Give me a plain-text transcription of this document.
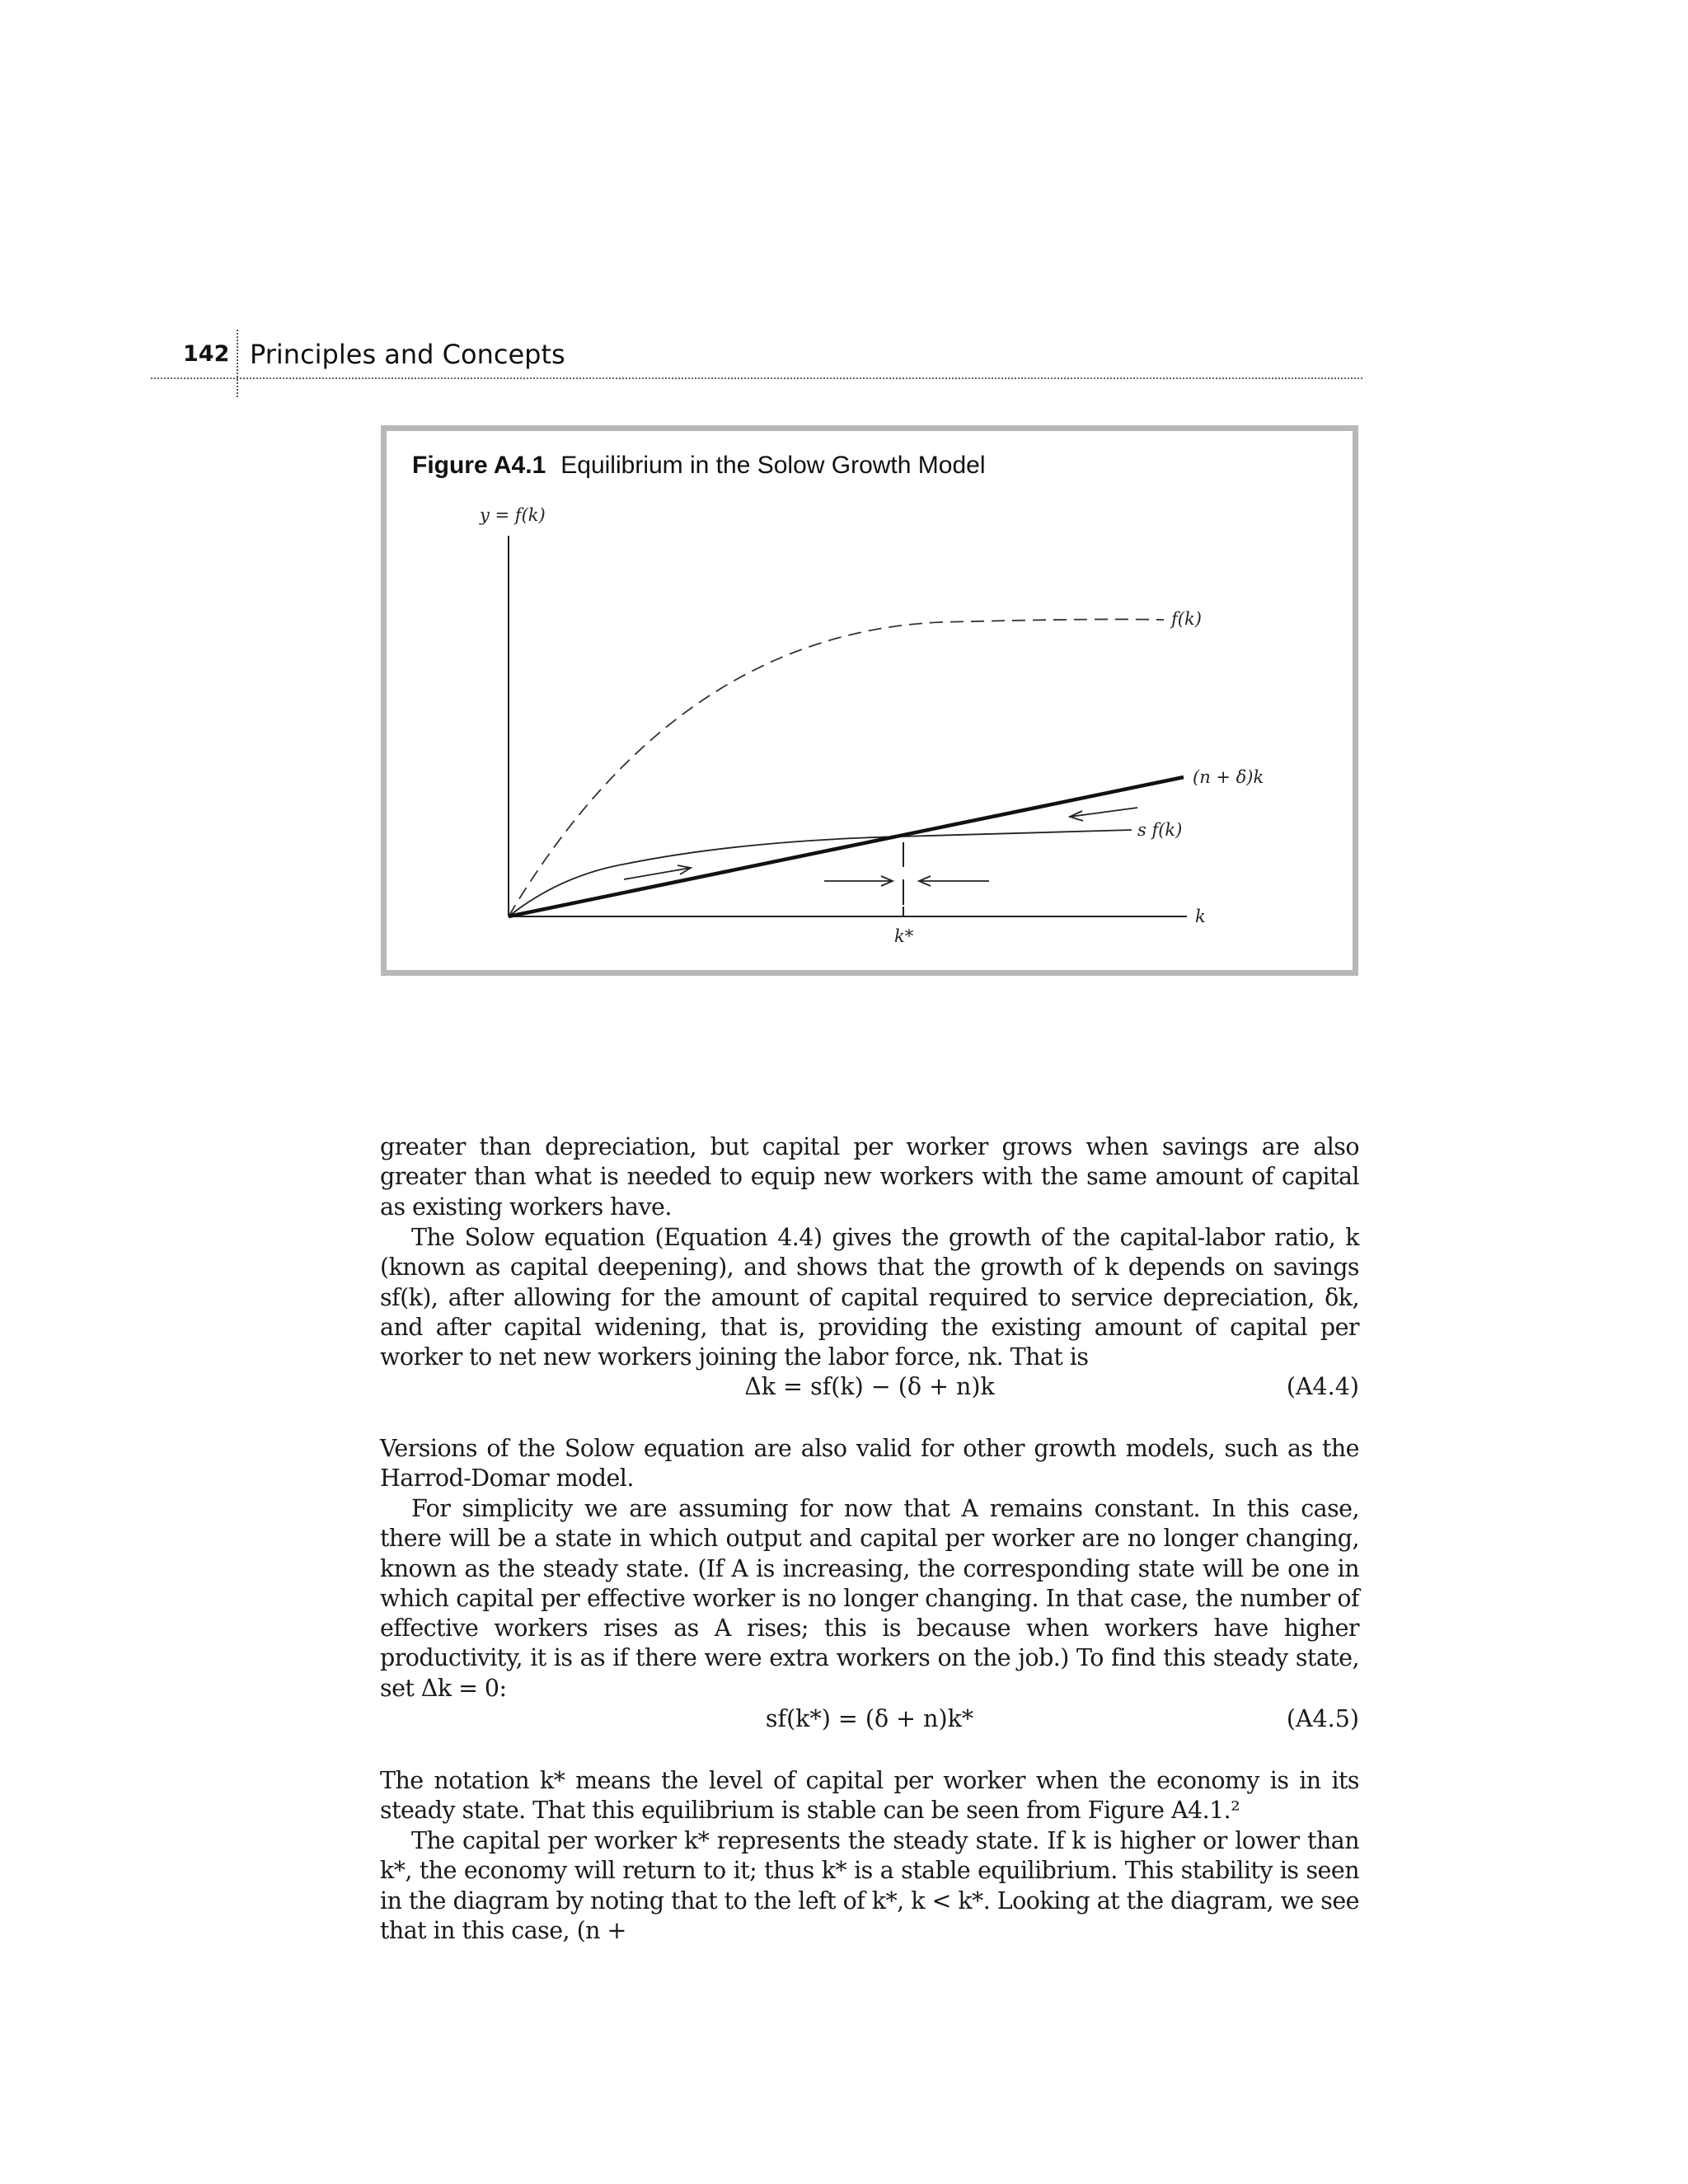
142 Principles and Concepts
Figure A4.1 Equilibrium in the Solow Growth Model
y = f(k)
f(k)
(n + δ)k
s f(k)
k
k*
greater than depreciation, but capital per worker grows when savings are also greater than what is needed to equip new workers with the same amount of capital as existing workers have.
The Solow equation (Equation 4.4) gives the growth of the capital-labor ratio, k (known as capital deepening), and shows that the growth of k depends on savings sf(k), after allowing for the amount of capital required to service depreciation, δk, and after capital widening, that is, providing the existing amount of capital per worker to net new workers joining the labor force, nk. That is
Δk = sf(k) − (δ + n)k	(A4.4)
Versions of the Solow equation are also valid for other growth models, such as the Harrod-Domar model.
For simplicity we are assuming for now that A remains constant. In this case, there will be a state in which output and capital per worker are no longer changing, known as the steady state. (If A is increasing, the corresponding state will be one in which capital per effective worker is no longer changing. In that case, the number of effective workers rises as A rises; this is because when workers have higher productivity, it is as if there were extra workers on the job.) To find this steady state, set Δk = 0:
sf(k*) = (δ + n)k*	(A4.5)
The notation k* means the level of capital per worker when the economy is in its steady state. That this equilibrium is stable can be seen from Figure A4.1.²
The capital per worker k* represents the steady state. If k is higher or lower than k*, the economy will return to it; thus k* is a stable equilibrium. This stability is seen in the diagram by noting that to the left of k*, k < k*. Looking at the diagram, we see that in this case, (n +
